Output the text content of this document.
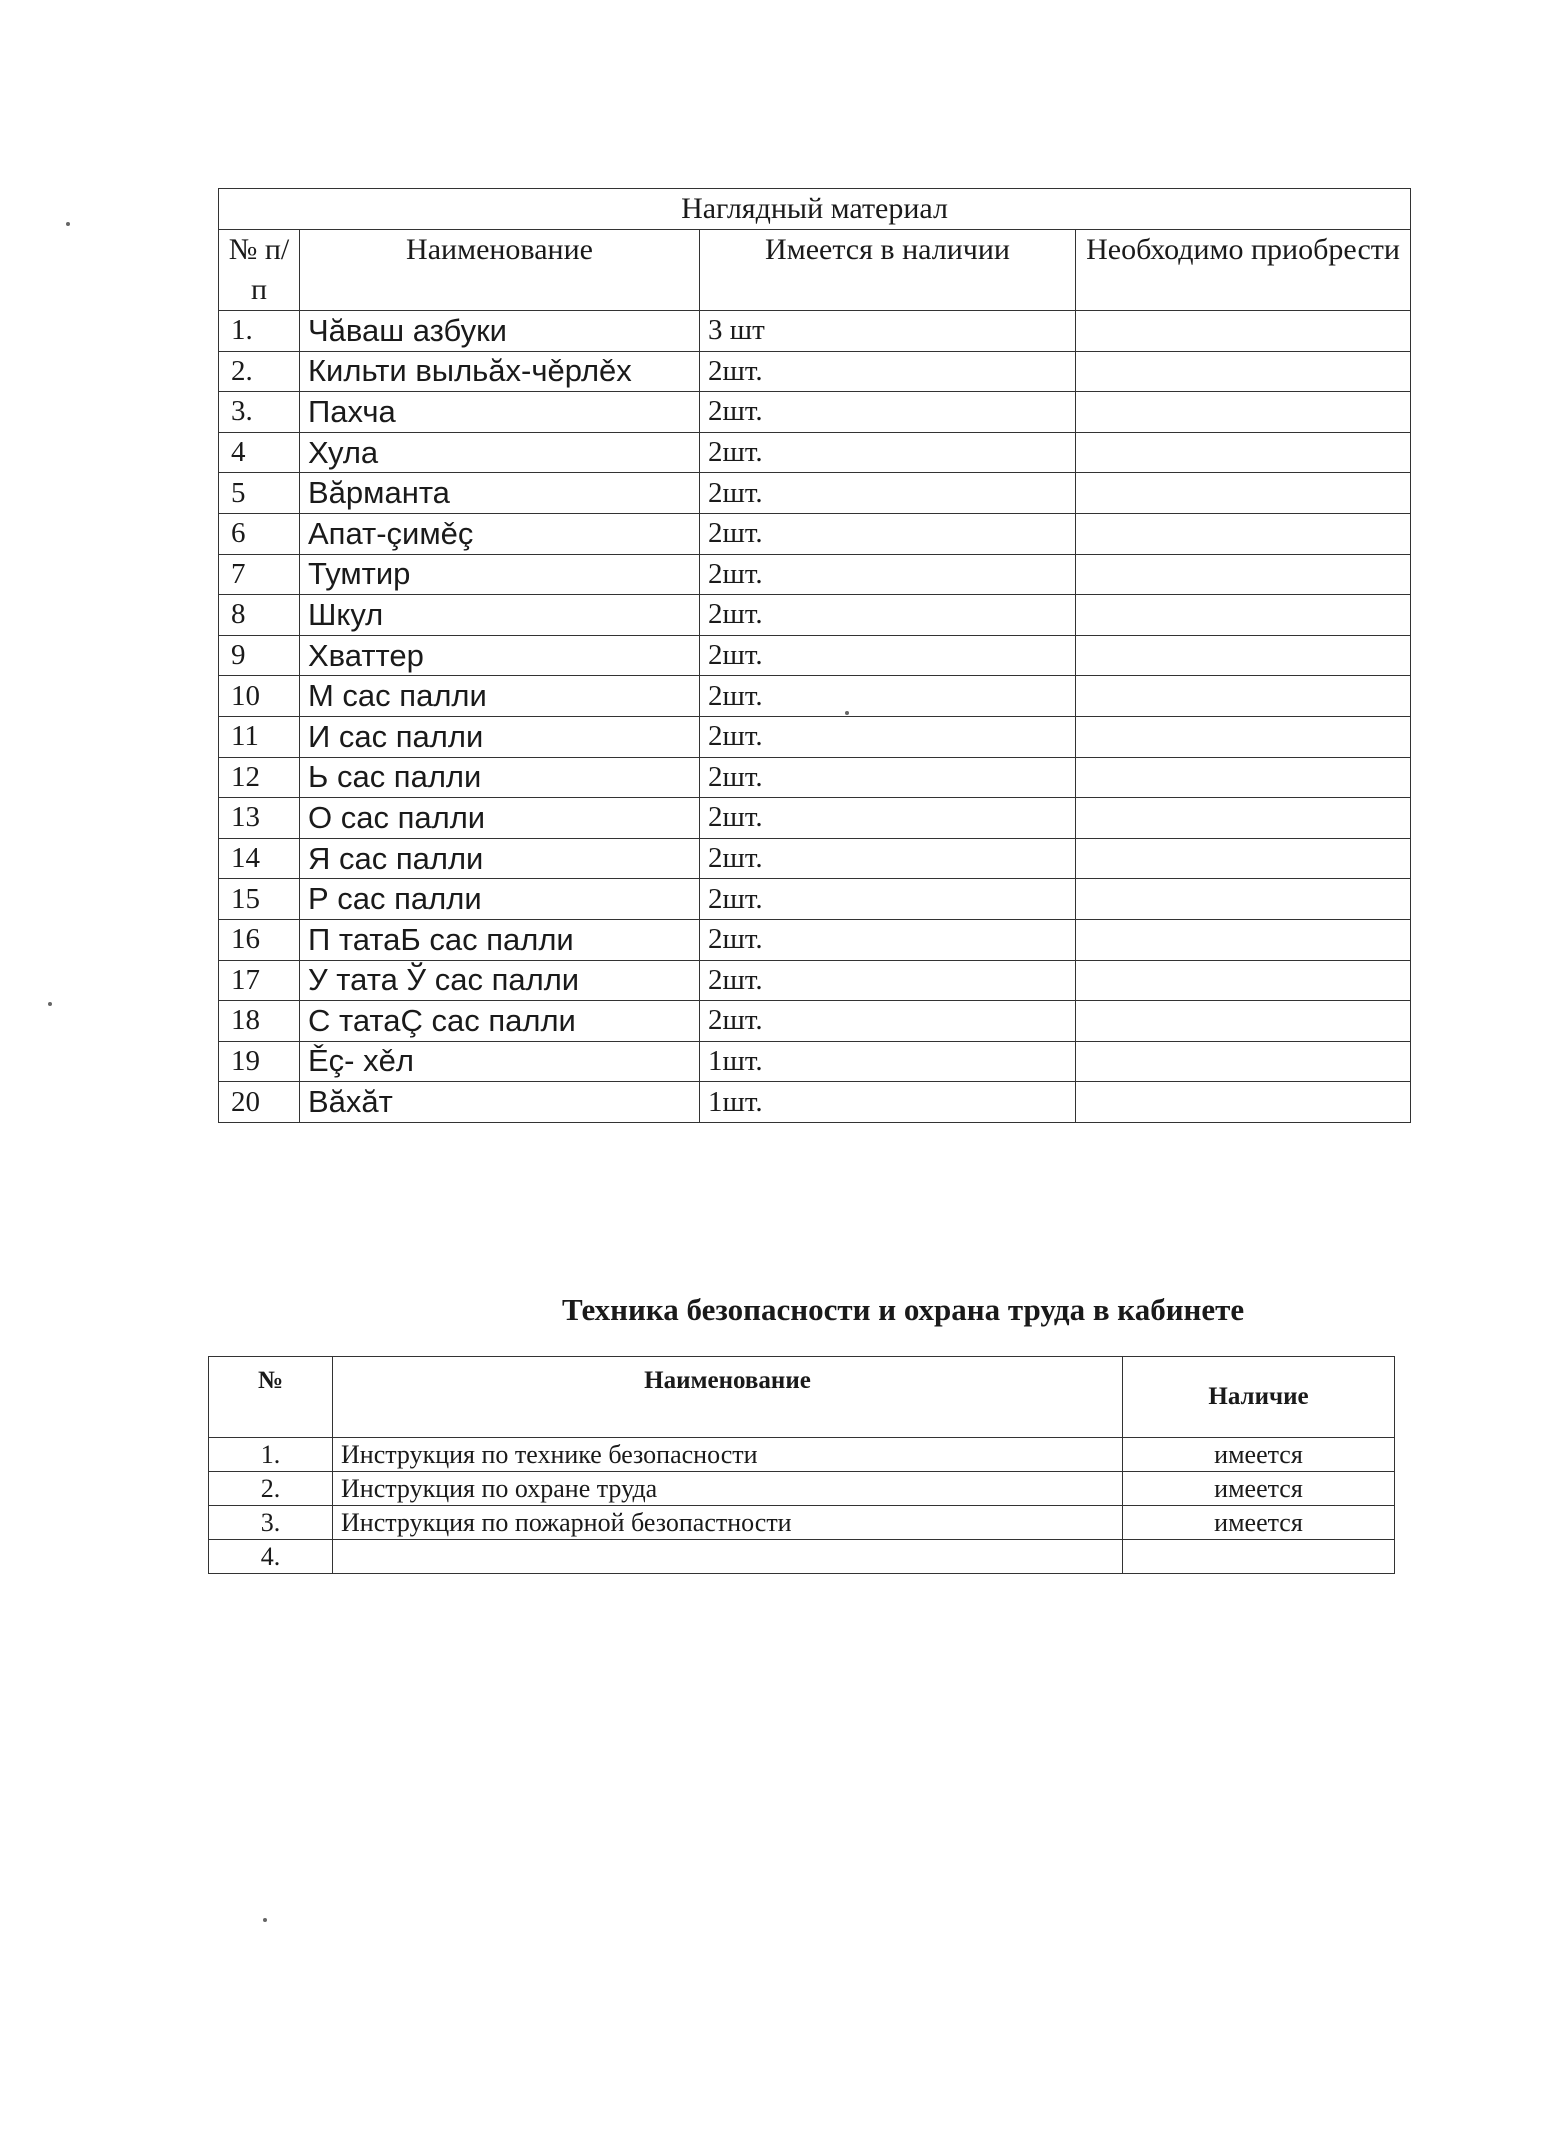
Наглядный материал			
№ п/п	Наименование	Имеется в наличии	Необходимо приобрести
1.	Чăваш азбуки	3 шт	
2.	Кильти выльăх-чěрлěх	2шт.	
3.	Пахча	2шт.	
4	Хула	2шт.	
5	Вăрманта	2шт.	
6	Апат-çимěç	2шт.	
7	Тумтир	2шт.	
8	Шкул	2шт.	
9	Хваттер	2шт.	
10	М сас палли	2шт.	
11	И сас палли	2шт.	
12	Ь сас палли	2шт.	
13	О сас палли	2шт.	
14	Я сас палли	2шт.	
15	Р сас палли	2шт.	
16	П татаБ сас палли	2шт.	
17	У тата Ў сас палли	2шт.	
18	С татаÇ сас палли	2шт.	
19	Ěç- хěл	1шт.	
20	Вăхăт	1шт.	
Техника безопасности и охрана труда в кабинете
№	Наименование	Наличие
1.	Инструкция по технике безопасности	имеется
2.	Инструкция по охране труда	имеется
3.	Инструкция по пожарной безопастности	имеется
4.		
